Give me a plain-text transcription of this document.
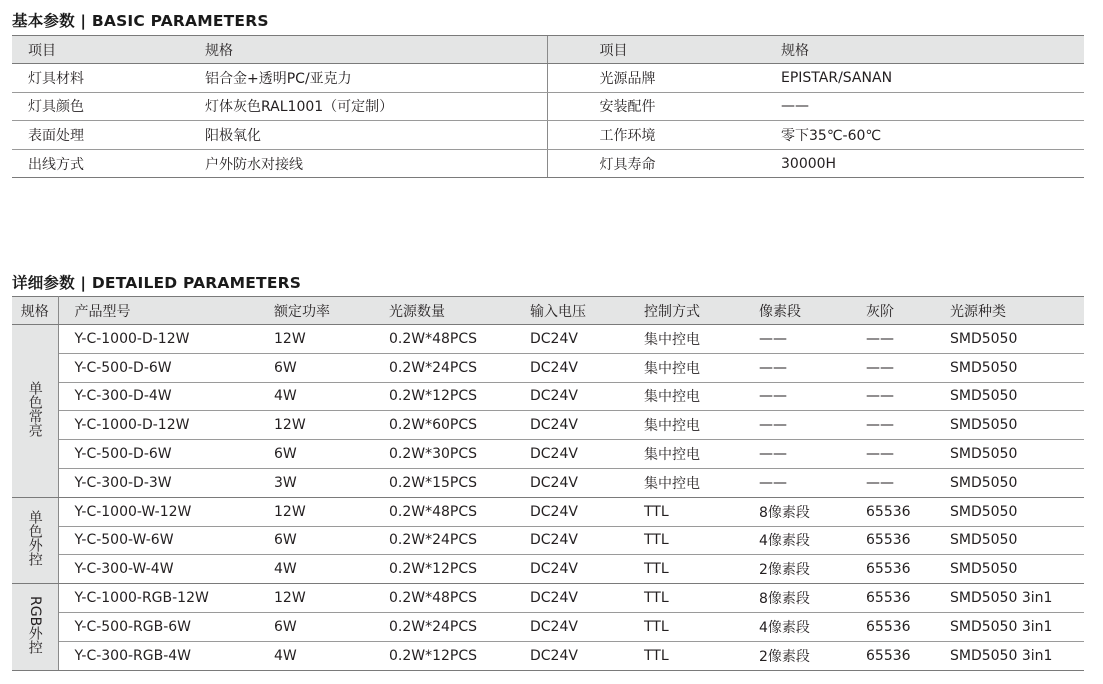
基本参数 | BASIC PARAMETERS
项目	规格	项目	规格
灯具材料	铝合金+透明PC/亚克力	光源品牌	EPISTAR/SANAN
灯具颜色	灯体灰色RAL1001（可定制）	安装配件	——
表面处理	阳极氧化	工作环境	零下35℃-60℃
出线方式	户外防水对接线	灯具寿命	30000H
详细参数 | DETAILED PARAMETERS
规格	产品型号	额定功率	光源数量	输入电压	控制方式	像素段	灰阶	光源种类
单色常亮	Y-C-1000-D-12W	12W	0.2W*48PCS	DC24V	集中控电	——	——	SMD5050
	Y-C-500-D-6W	6W	0.2W*24PCS	DC24V	集中控电	——	——	SMD5050
	Y-C-300-D-4W	4W	0.2W*12PCS	DC24V	集中控电	——	——	SMD5050
	Y-C-1000-D-12W	12W	0.2W*60PCS	DC24V	集中控电	——	——	SMD5050
	Y-C-500-D-6W	6W	0.2W*30PCS	DC24V	集中控电	——	——	SMD5050
	Y-C-300-D-3W	3W	0.2W*15PCS	DC24V	集中控电	——	——	SMD5050
单色外控	Y-C-1000-W-12W	12W	0.2W*48PCS	DC24V	TTL	8像素段	65536	SMD5050
	Y-C-500-W-6W	6W	0.2W*24PCS	DC24V	TTL	4像素段	65536	SMD5050
	Y-C-300-W-4W	4W	0.2W*12PCS	DC24V	TTL	2像素段	65536	SMD5050
RGB外控	Y-C-1000-RGB-12W	12W	0.2W*48PCS	DC24V	TTL	8像素段	65536	SMD5050 3in1
	Y-C-500-RGB-6W	6W	0.2W*24PCS	DC24V	TTL	4像素段	65536	SMD5050 3in1
	Y-C-300-RGB-4W	4W	0.2W*12PCS	DC24V	TTL	2像素段	65536	SMD5050 3in1
